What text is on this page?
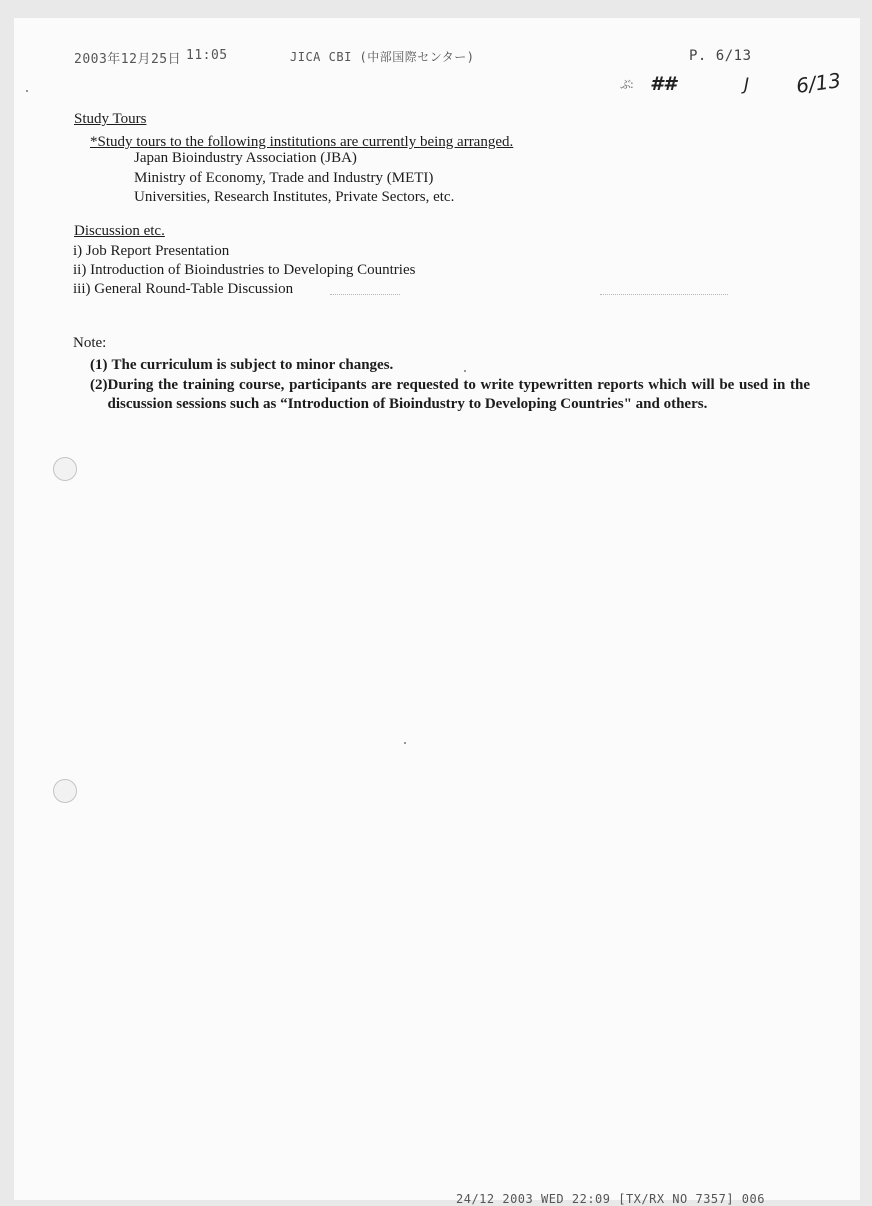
2003年12月25日 11:05	JICA CBI (中部国際センター)	P. 6/13
ぶ: ##	J 6/13
Study Tours
*Study tours to the following institutions are currently being arranged.
Japan Bioindustry Association (JBA)
Ministry of Economy, Trade and Industry (METI)
Universities, Research Institutes, Private Sectors, etc.
Discussion etc.
i) Job Report Presentation
ii) Introduction of Bioindustries to Developing Countries
iii) General Round-Table Discussion
Note:
(1) The curriculum is subject to minor changes.
(2) During the training course, participants are requested to write typewritten reports which will be used in the discussion sessions such as “Introduction of Bioindustry to Developing Countries" and others.
24/12 2003 WED 22:09 [TX/RX NO 7357] 006
